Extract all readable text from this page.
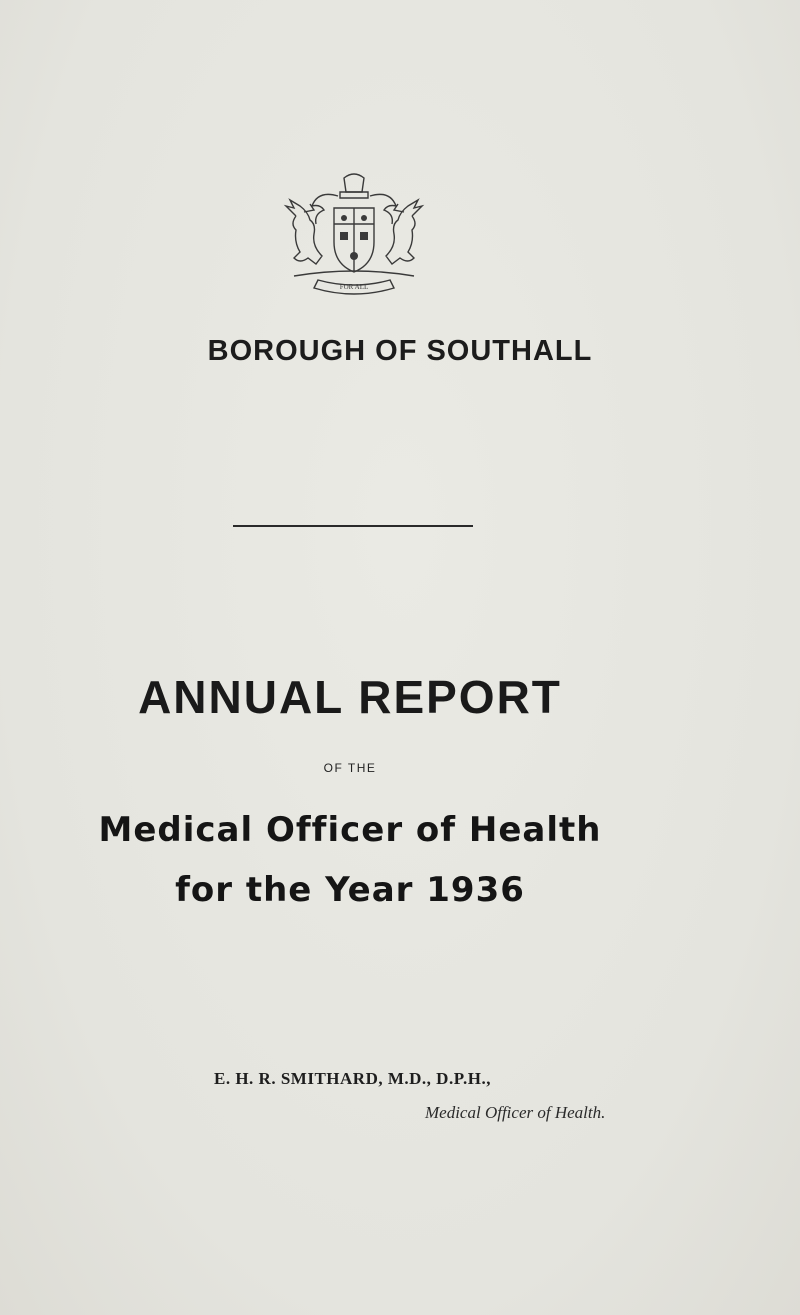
FOR ALL
BOROUGH OF SOUTHALL
ANNUAL REPORT
OF THE
Medical Officer of Health
for the Year 1936
E. H. R. SMITHARD, M.D., D.P.H.,
Medical Officer of Health.
